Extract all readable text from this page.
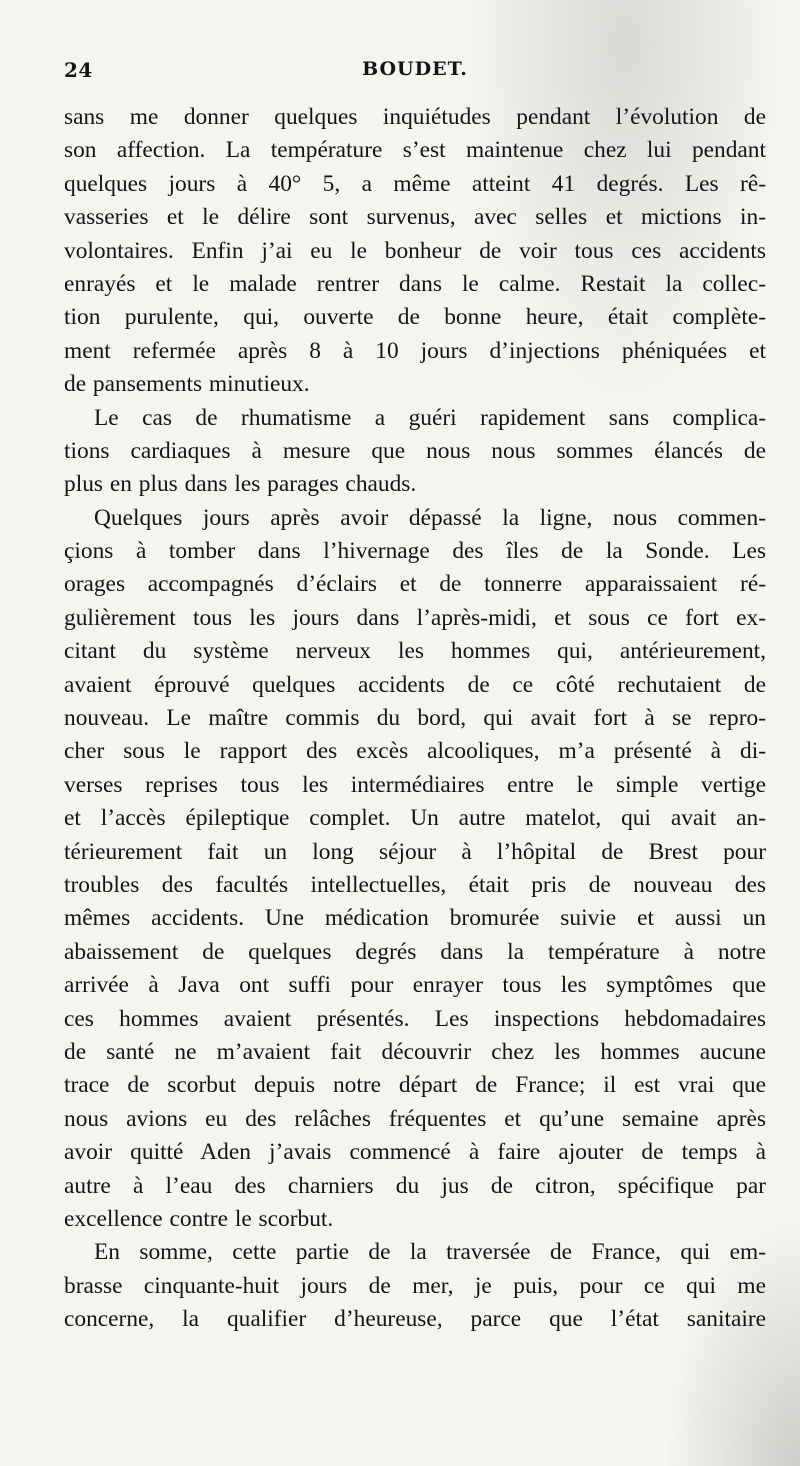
24	BOUDET.

sans me donner quelques inquiétudes pendant l’évolution de
son affection. La température s’est maintenue chez lui pendant
quelques jours à 40° 5, a même atteint 41 degrés. Les rê-
vasseries et le délire sont survenus, avec selles et mictions in-
volontaires. Enfin j’ai eu le bonheur de voir tous ces accidents
enrayés et le malade rentrer dans le calme. Restait la collec-
tion purulente, qui, ouverte de bonne heure, était complète-
ment refermée après 8 à 10 jours d’injections phéniquées et
de pansements minutieux.

Le cas de rhumatisme a guéri rapidement sans complica-
tions cardiaques à mesure que nous nous sommes élancés de
plus en plus dans les parages chauds.

Quelques jours après avoir dépassé la ligne, nous commen-
çions à tomber dans l’hivernage des îles de la Sonde. Les
orages accompagnés d’éclairs et de tonnerre apparaissaient ré-
gulièrement tous les jours dans l’après-midi, et sous ce fort ex-
citant du système nerveux les hommes qui, antérieurement,
avaient éprouvé quelques accidents de ce côté rechutaient de
nouveau. Le maître commis du bord, qui avait fort à se repro-
cher sous le rapport des excès alcooliques, m’a présenté à di-
verses reprises tous les intermédiaires entre le simple vertige
et l’accès épileptique complet. Un autre matelot, qui avait an-
térieurement fait un long séjour à l’hôpital de Brest pour
troubles des facultés intellectuelles, était pris de nouveau des
mêmes accidents. Une médication bromurée suivie et aussi un
abaissement de quelques degrés dans la température à notre
arrivée à Java ont suffi pour enrayer tous les symptômes que
ces hommes avaient présentés. Les inspections hebdomadaires
de santé ne m’avaient fait découvrir chez les hommes aucune
trace de scorbut depuis notre départ de France; il est vrai que
nous avions eu des relâches fréquentes et qu’une semaine après
avoir quitté Aden j’avais commencé à faire ajouter de temps à
autre à l’eau des charniers du jus de citron, spécifique par
excellence contre le scorbut.

En somme, cette partie de la traversée de France, qui em-
brasse cinquante-huit jours de mer, je puis, pour ce qui me
concerne, la qualifier d’heureuse, parce que l’état sanitaire
